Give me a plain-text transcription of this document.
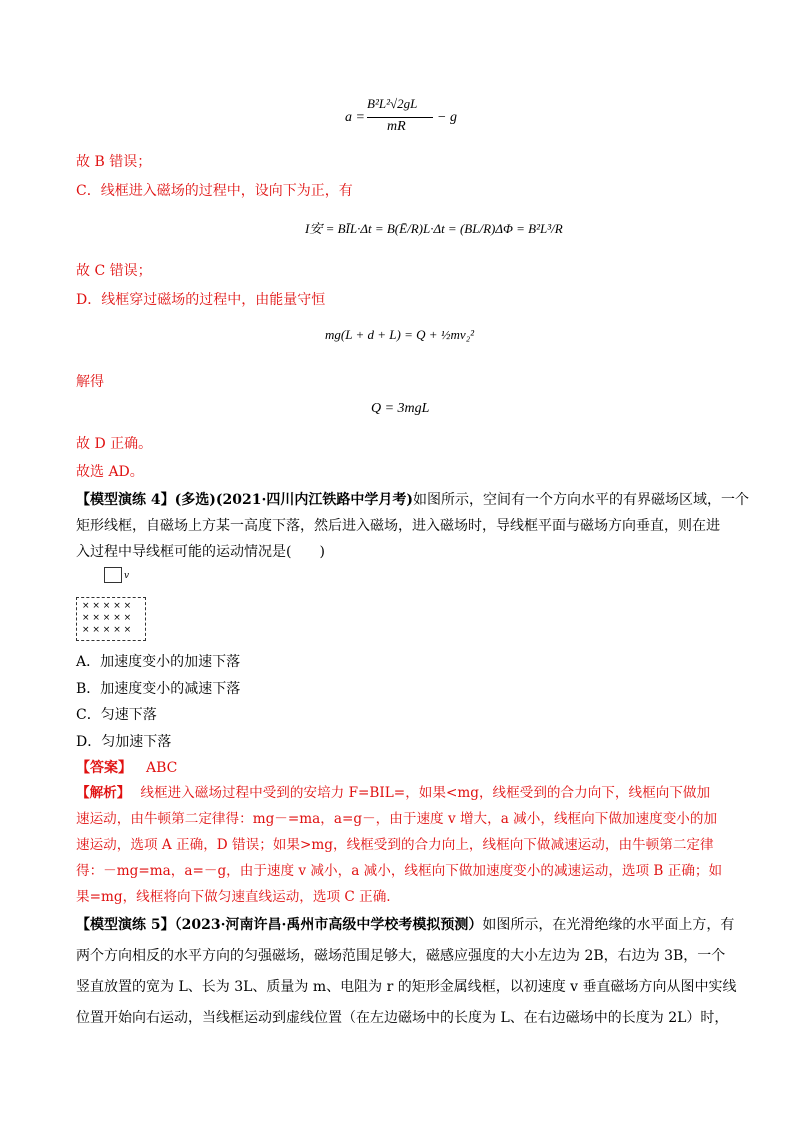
a =
B²L²√2gL
mR
− g
故 B 错误；
C．线框进入磁场的过程中，设向下为正，有
I安 = BĪL·Δt = B(Ē/R)L·Δt = (BL/R)ΔΦ = B²L³/R
故 C 错误；
D．线框穿过磁场的过程中，由能量守恒
mg(L + d + L) = Q + ½mv₂²
解得
Q = 3mgL
故 D 正确。
故选 AD。
【模型演练 4】(多选)(2021·四川内江铁路中学月考)如图所示，空间有一个方向水平的有界磁场区域，一个
矩形线框，自磁场上方某一高度下落，然后进入磁场，进入磁场时，导线框平面与磁场方向垂直，则在进
入过程中导线框可能的运动情况是(　　)
v
× × × × ×
× × × × ×
× × × × ×
A．加速度变小的加速下落
B．加速度变小的减速下落
C．匀速下落
D．匀加速下落
【答案】 ABC
【解析】 线框进入磁场过程中受到的安培力 F=BIL=，如果<mg，线框受到的合力向下，线框向下做加
速运动，由牛顿第二定律得：mg－=ma，a=g－，由于速度 v 增大，a 减小，线框向下做加速度变小的加
速运动，选项 A 正确，D 错误；如果>mg，线框受到的合力向上，线框向下做减速运动，由牛顿第二定律
得：－mg=ma，a=－g，由于速度 v 减小，a 减小，线框向下做加速度变小的减速运动，选项 B 正确；如
果=mg，线框将向下做匀速直线运动，选项 C 正确.
【模型演练 5】（2023·河南许昌·禹州市高级中学校考模拟预测）如图所示，在光滑绝缘的水平面上方，有
两个方向相反的水平方向的匀强磁场，磁场范围足够大，磁感应强度的大小左边为 2B，右边为 3B，一个
竖直放置的宽为 L、长为 3L、质量为 m、电阻为 r 的矩形金属线框，以初速度 v 垂直磁场方向从图中实线
位置开始向右运动，当线框运动到虚线位置（在左边磁场中的长度为 L、在右边磁场中的长度为 2L）时，
